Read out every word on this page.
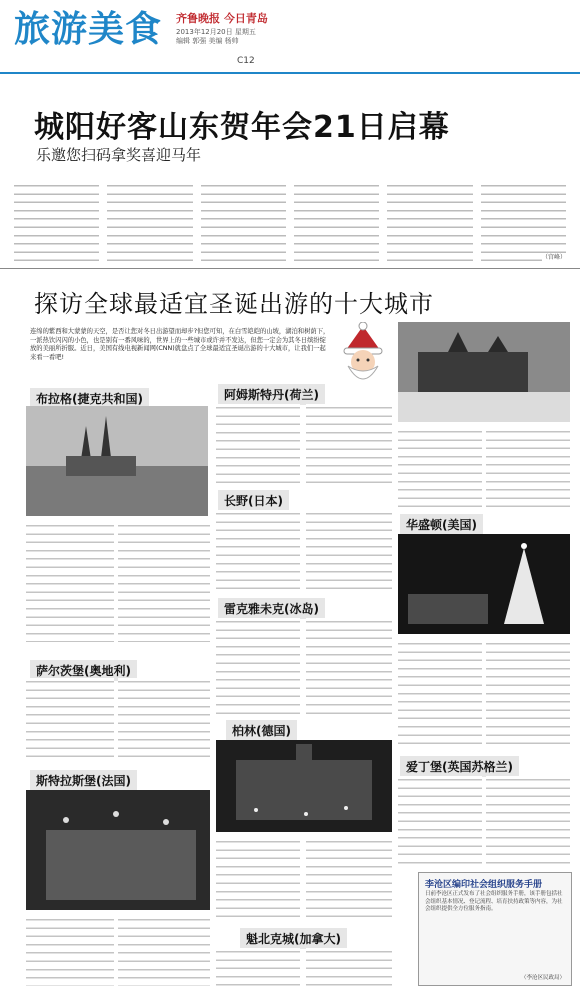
旅游美食 齐鲁晚报 今日青岛
2013年12月20日 星期五
编辑 郭强 美编 杨帅
C12
城阳好客山东贺年会21日启幕
乐邀您扫码拿奖喜迎马年
（宫峰）
探访全球最适宜圣诞出游的十大城市
连绵的紫西和大蒙蒙的天空，是否让您对冬日出游望而却步?但您可知，在白雪皑皑的山坡，湖泊和树荫下，一派热饮闪闪的小色，也是别有一番风味的，世界上的一些城市或许并不发达，但您一定会为其冬日缤纷绽放的美丽所折服。近日，美国有线电视新闻网(CNN)就盘点了全球最适宜圣诞出游的十大城市，让我们一起来看一看吧!
布拉格(捷克共和国)
萨尔茨堡(奥地利)
斯特拉斯堡(法国)
阿姆斯特丹(荷兰)
长野(日本)
雷克雅未克(冰岛)
柏林(德国)
魁北克城(加拿大)
华盛顿(美国)
爱丁堡(英国苏格兰)
李沧区编印社会组织服务手册
日前李沧区正式发布了社会组织服务手册，该手册包括社会组织基本情况、登记流程、培育扶持政策等内容，为社会组织提供全方位服务指南。
（李沧区民政局）
